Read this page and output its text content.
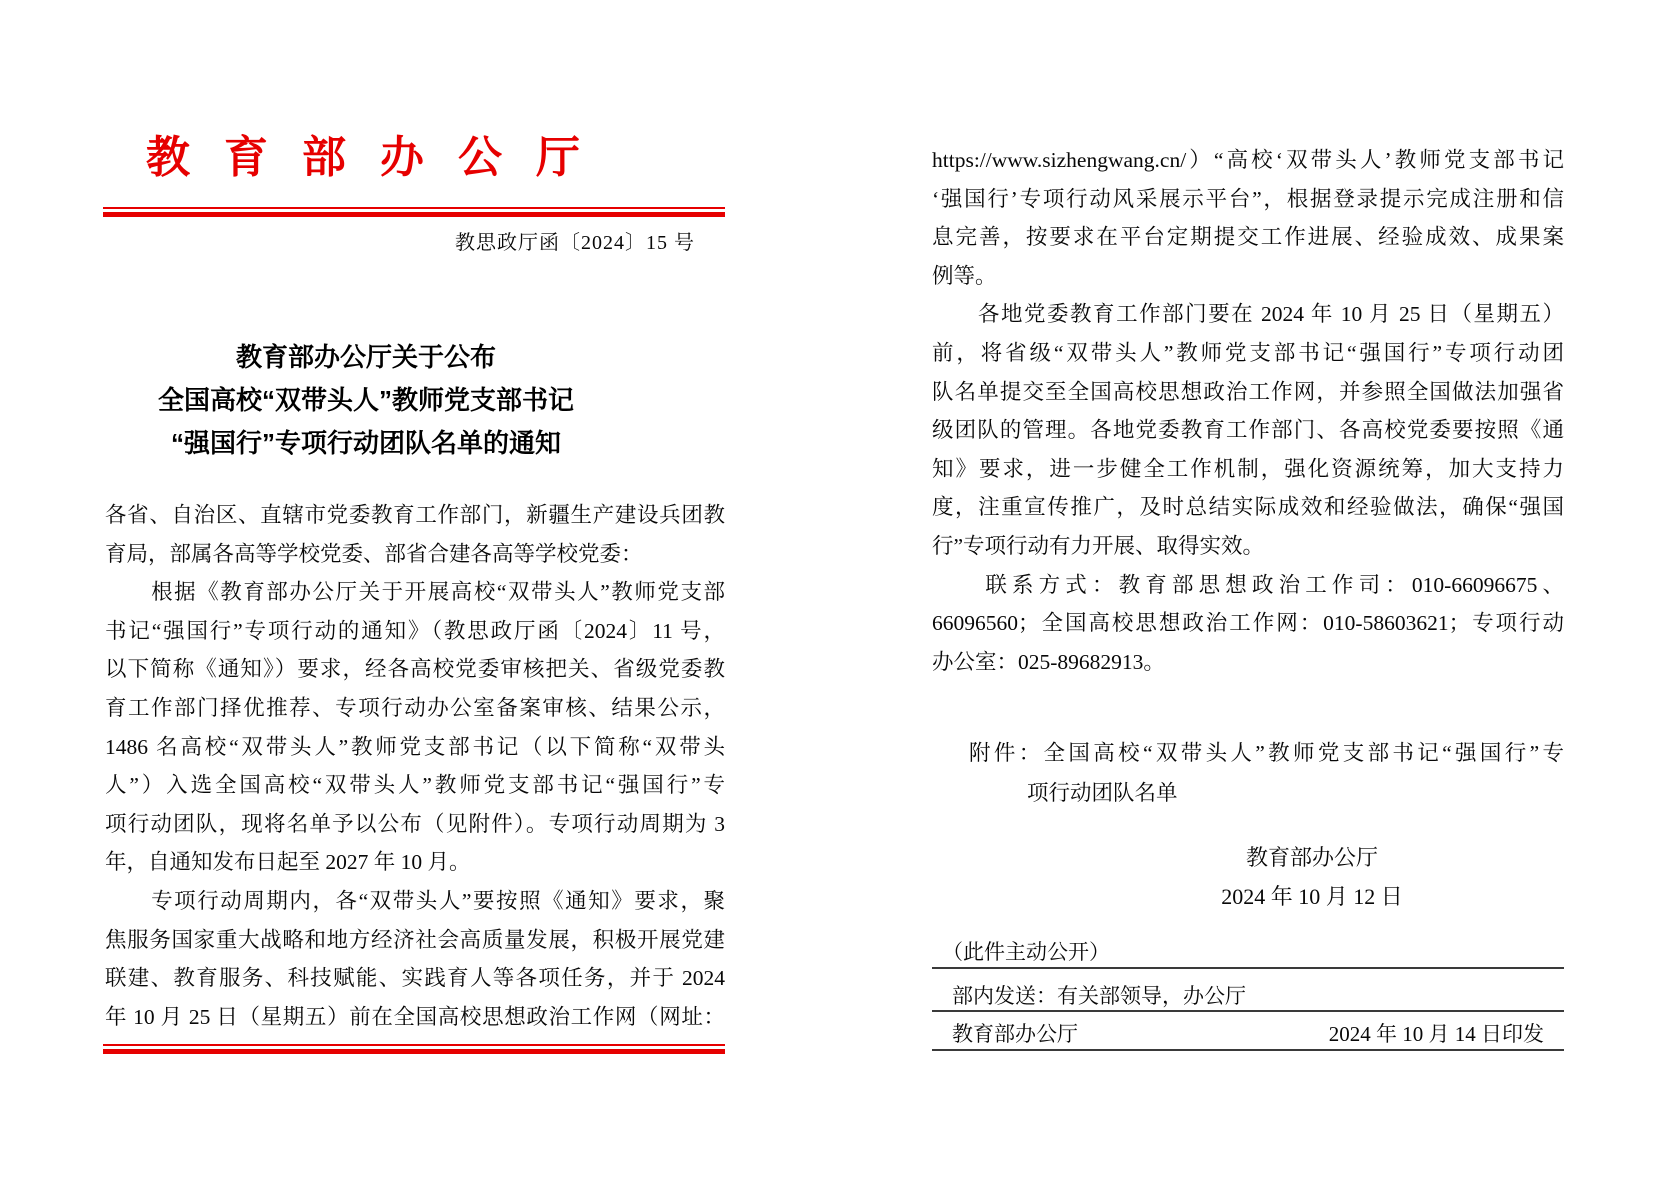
教育部办公厅
教思政厅函〔2024〕15 号
教育部办公厅关于公布
全国高校“双带头人”教师党支部书记
“强国行”专项行动团队名单的通知
各省、自治区、直辖市党委教育工作部门，新疆生产建设兵团教
育局，部属各高等学校党委、部省合建各高等学校党委：
　　根据《教育部办公厅关于开展高校“双带头人”教师党支部
书记“强国行”专项行动的通知》（教思政厅函〔2024〕11 号，
以下简称《通知》）要求，经各高校党委审核把关、省级党委教
育工作部门择优推荐、专项行动办公室备案审核、结果公示，
1486 名高校“双带头人”教师党支部书记（以下简称“双带头
人”）入选全国高校“双带头人”教师党支部书记“强国行”专
项行动团队，现将名单予以公布（见附件）。专项行动周期为 3
年，自通知发布日起至 2027 年 10 月。
　　专项行动周期内，各“双带头人”要按照《通知》要求，聚
焦服务国家重大战略和地方经济社会高质量发展，积极开展党建
联建、教育服务、科技赋能、实践育人等各项任务，并于 2024
年 10 月 25 日（星期五）前在全国高校思想政治工作网（网址：
https://www.sizhengwang.cn/）“高校‘双带头人’教师党支部书记
‘强国行’专项行动风采展示平台”，根据登录提示完成注册和信
息完善，按要求在平台定期提交工作进展、经验成效、成果案
例等。
　　各地党委教育工作部门要在 2024 年 10 月 25 日（星期五）
前，将省级“双带头人”教师党支部书记“强国行”专项行动团
队名单提交至全国高校思想政治工作网，并参照全国做法加强省
级团队的管理。各地党委教育工作部门、各高校党委要按照《通
知》要求，进一步健全工作机制，强化资源统筹，加大支持力
度，注重宣传推广，及时总结实际成效和经验做法，确保“强国
行”专项行动有力开展、取得实效。
　　联系方式：教育部思想政治工作司：010-66096675、
66096560；全国高校思想政治工作网：010-58603621；专项行动
办公室：025-89682913。
附件：全国高校“双带头人”教师党支部书记“强国行”专
项行动团队名单
教育部办公厅
2024 年 10 月 12 日
（此件主动公开）
部内发送：有关部领导，办公厅
教育部办公厅	2024 年 10 月 14 日印发
